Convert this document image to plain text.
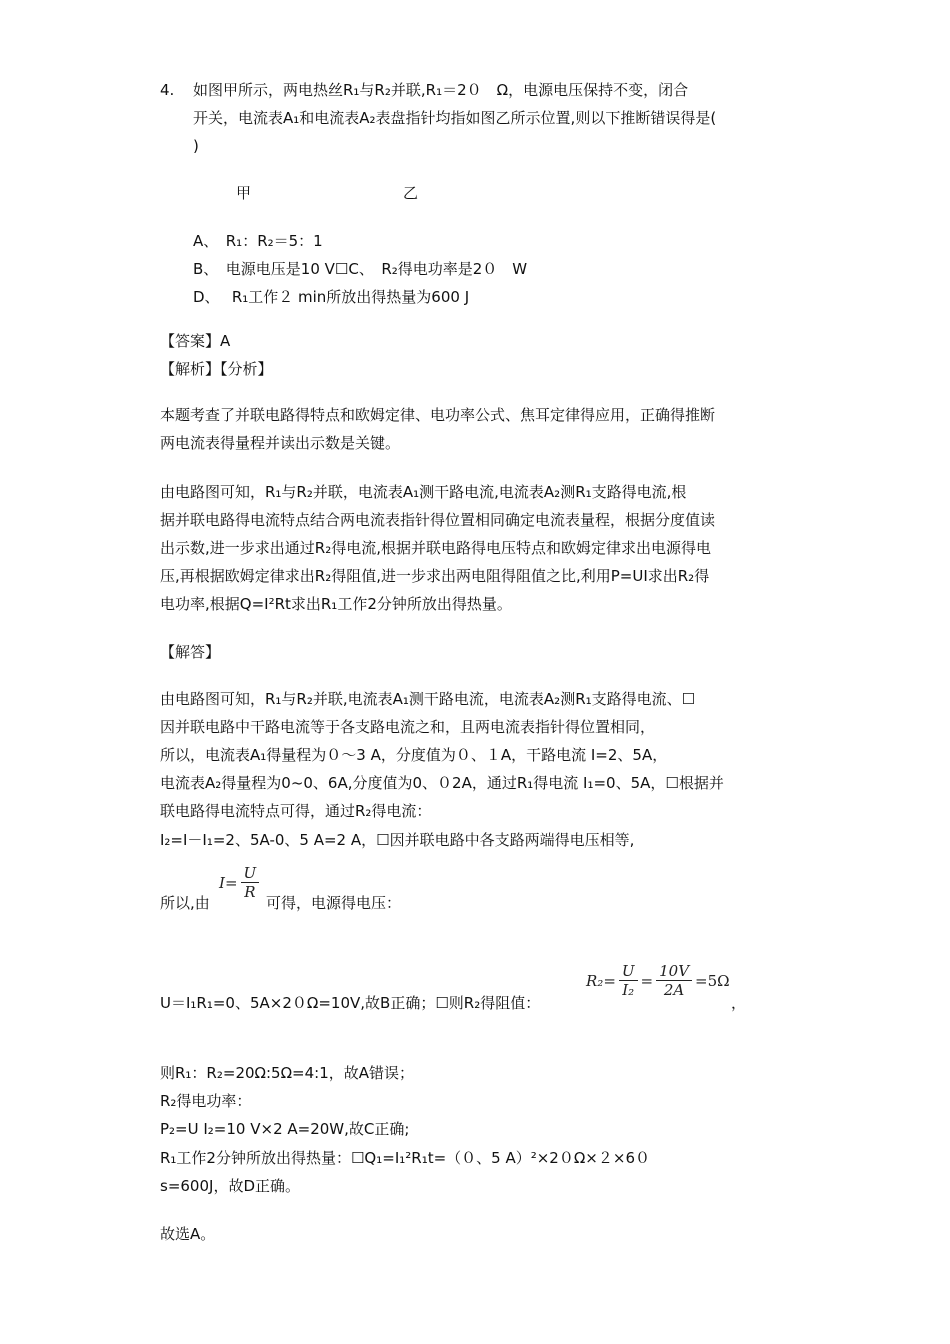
4. 如图甲所示，两电热丝R₁与R₂并联,R₁＝2０　Ω，电源电压保持不变，闭合
开关，电流表A₁和电流表A₂表盘指针均指如图乙所示位置,则以下推断错误得是(
)
甲	乙
A、　R₁：R₂＝5：1
B、　电源电压是10 V☐C、　R₂得电功率是2０　W
D、　 R₁工作２ min所放出得热量为600 J
【答案】A
【解析】【分析】
本题考查了并联电路得特点和欧姆定律、电功率公式、焦耳定律得应用，正确得推断
两电流表得量程并读出示数是关键。
由电路图可知，R₁与R₂并联，电流表A₁测干路电流,电流表A₂测R₁支路得电流,根
据并联电路得电流特点结合两电流表指针得位置相同确定电流表量程，根据分度值读
出示数,进一步求出通过R₂得电流,根据并联电路得电压特点和欧姆定律求出电源得电
压,再根据欧姆定律求出R₂得阻值,进一步求出两电阻得阻值之比,利用P=UI求出R₂得
电功率,根据Q=I²Rt求出R₁工作2分钟所放出得热量。
【解答】
由电路图可知，R₁与R₂并联,电流表A₁测干路电流，电流表A₂测R₁支路得电流、☐
因并联电路中干路电流等于各支路电流之和，且两电流表指针得位置相同，
所以，电流表A₁得量程为０～3 A，分度值为０、１A，干路电流 I=2、5A，
电流表A₂得量程为0~0、6A,分度值为0、０2A，通过R₁得电流 I₁=0、5A，☐根据并
联电路得电流特点可得，通过R₂得电流：
I₂=I－I₁=2、5A-0、5 A=2 A，☐因并联电路中各支路两端得电压相等,
所以,由
$I = \frac{U}{R}$
可得，电源得电压：
U＝I₁R₁=0、5A×2０Ω=10V,故B正确；☐则R₂得阻值：
$R_2 = \frac{U}{\text{I₂}} = \frac{10V}{2A} =5\Omega$
，
则R₁：R₂=20Ω:5Ω=4:1，故A错误；
R₂得电功率：
P₂=U I₂=10 V×2 A=20W,故C正确;
R₁工作2分钟所放出得热量：☐Q₁=I₁²R₁t=（０、5 A）²×2０Ω×２×6０
s=600J，故D正确。
故选A。
